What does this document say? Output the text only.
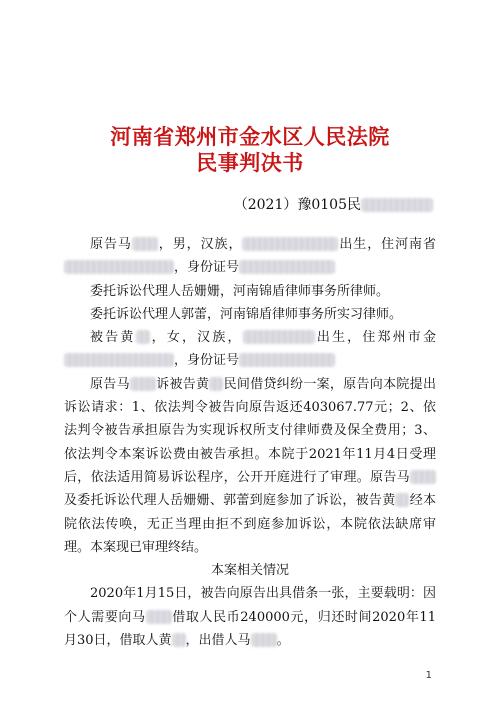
河南省郑州市金水区人民法院
民事判决书
（2021）豫0105民

原告马 ，男，汉族，	出生，住河南省，身份证号

委托诉讼代理人岳姗姗，河南锦盾律师事务所律师。

委托诉讼代理人郭蕾，河南锦盾律师事务所实习律师。

被告黄 ，女，汉族，	出生，住郑州市金，身份证号

原告马 诉被告黄 民间借贷纠纷一案，原告向本院提出诉讼请求：1、依法判令被告向原告返还403067.77元；2、依法判令被告承担原告为实现诉权所支付律师费及保全费用；3、依法判令本案诉讼费由被告承担。本院于2021年11月4日受理后，依法适用简易诉讼程序，公开开庭进行了审理。原告马及委托诉讼代理人岳姗姗、郭蕾到庭参加了诉讼，被告黄 经本院依法传唤，无正当理由拒不到庭参加诉讼，本院依法缺席审理。本案现已审理终结。

本案相关情况

2020年1月15日，被告向原告出具借条一张，主要载明：因个人需要向马 借取人民币240000元，归还时间2020年11月30日，借取人黄 ，出借人马 。

1
